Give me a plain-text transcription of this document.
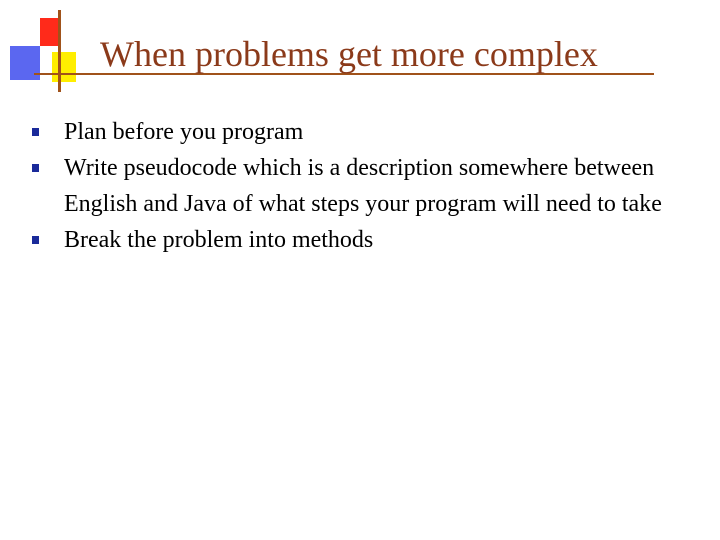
When problems get more complex
Plan before you program
Write pseudocode which is a description somewhere between English and Java of what steps your program will need to take
Break the problem into methods
